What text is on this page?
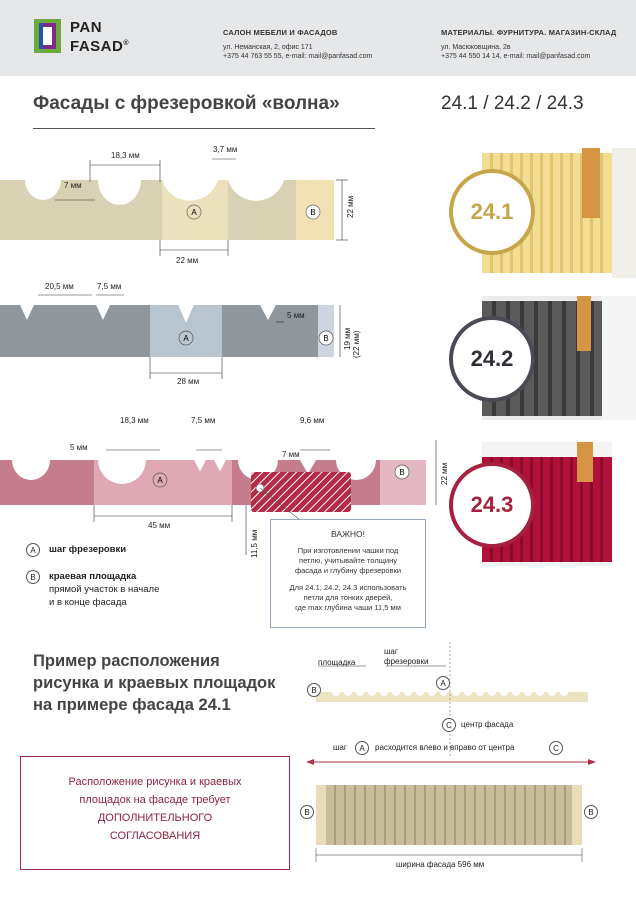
PAN
FASAD®
САЛОН МЕБЕЛИ И ФАСАДОВ
ул. Неманская, 2, офис 171
+375 44 763 55 55, e-mail: mail@panfasad.com
МАТЕРИАЛЫ. ФУРНИТУРА. МАГАЗИН-СКЛАД
ул. Масюковщина, 2в
+375 44 550 14 14, e-mail: mail@panfasad.com
Фасады с фрезеровкой «волна»	24.1 / 24.2 / 24.3
A	B
18,3 мм
3,7 мм
7 мм
22 мм
22 мм
A	B
20,5 мм	7,5 мм
5 мм
28 мм
19 мм (22 мм)
A
B
18,3 мм	7,5 мм	9,6 мм
5 мм
7 мм
45 мм
22 мм
11,5 мм
24.1
24.2
24.3
A	шаг фрезеровки
B	краевая площадка
прямой участок в начале
и в конце фасада
ВАЖНО!
При изготовлении чашки под
петлю, учитывайте толщину
фасада и глубину фрезеровки
Для 24.1, 24.2, 24.3 использовать
петли для тонких дверей,
где max глубина чаши 11,5 мм
Пример расположения
рисунка и краевых площадок
на примере фасада 24.1
B
A
C
A	C
B	B
площадка
шаг
фрезеровки
центр фасада
шаг	расходится влево и вправо от центра
ширина фасада 596 мм
Расположение рисунка и краевых
площадок на фасаде требует
ДОПОЛНИТЕЛЬНОГО
СОГЛАСОВАНИЯ
